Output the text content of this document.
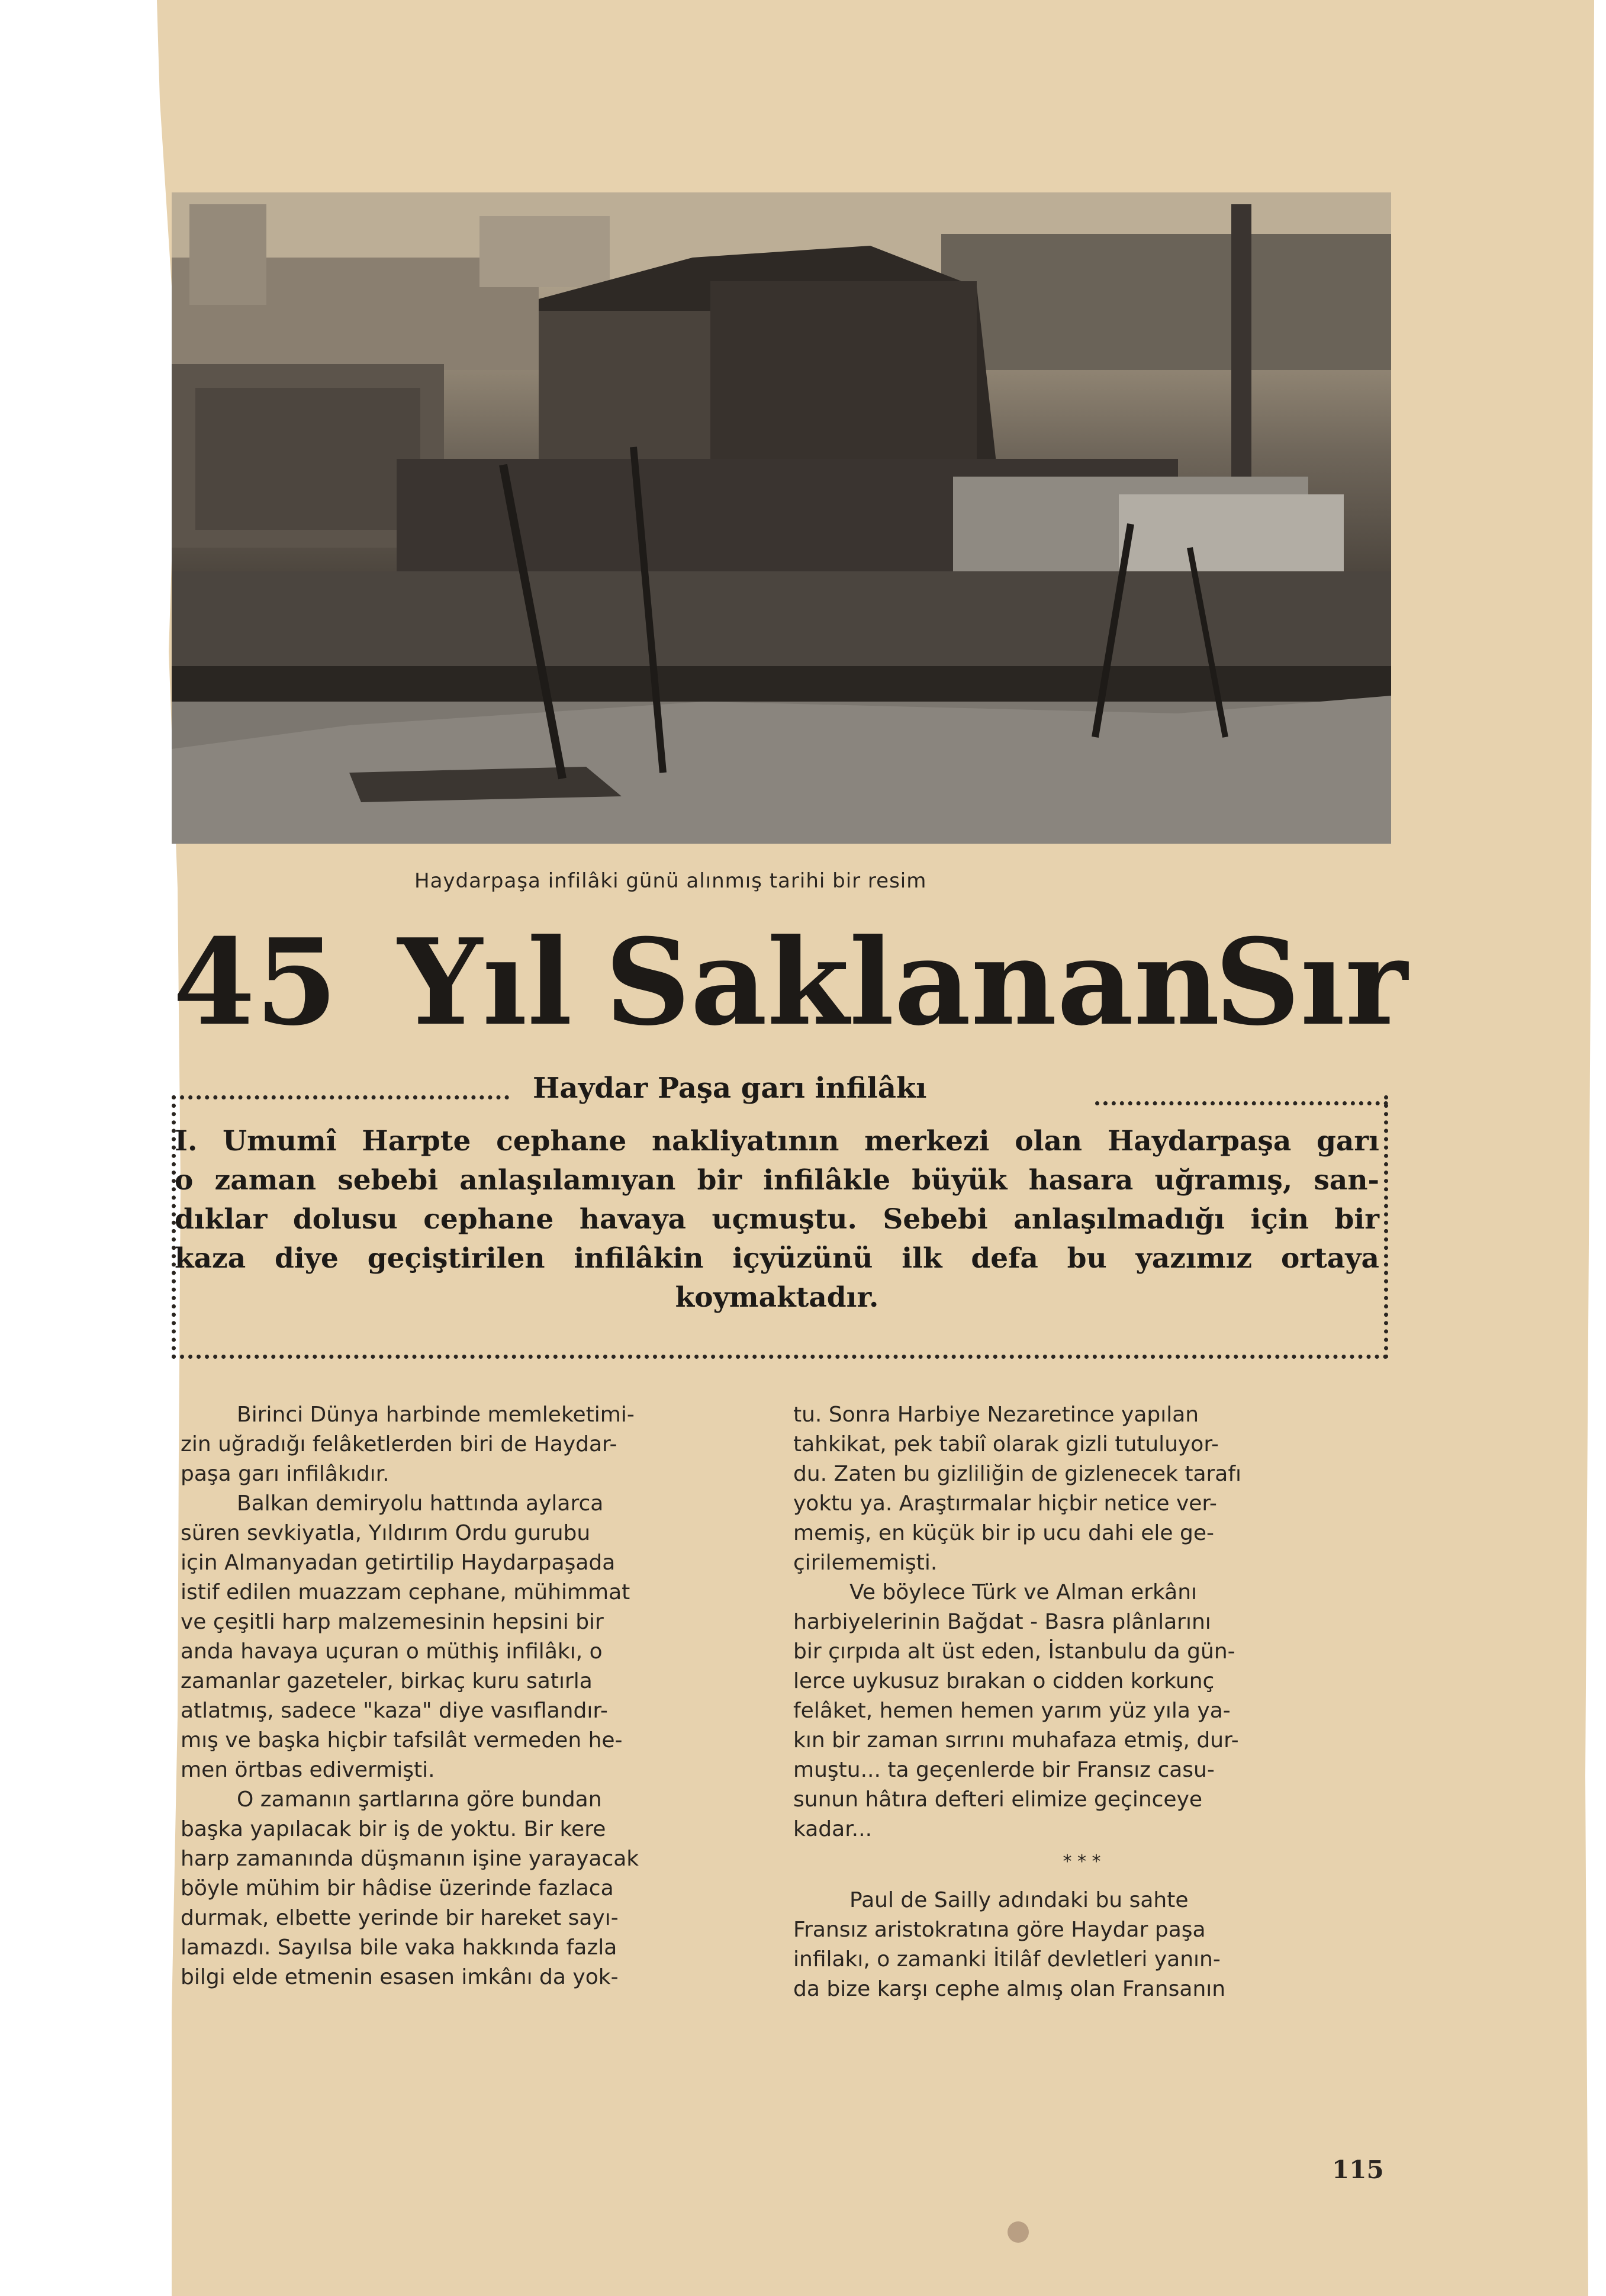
Haydarpaşa infilâki günü alınmış tarihi bir resim
45 Yıl Saklanan
Sır
Haydar Paşa garı infilâkı
I. Umumî Harpte cephane nakliyatının merkezi olan Haydarpaşa garı
o zaman sebebi anlaşılamıyan bir infilâkle büyük hasara uğramış, san-
dıklar dolusu cephane havaya uçmuştu. Sebebi anlaşılmadığı için bir
kaza diye geçiştirilen infilâkin içyüzünü ilk defa bu yazımız ortaya
koymaktadır.
Birinci Dünya harbinde memleketimi-
zin uğradığı felâketlerden biri de Haydar-
paşa garı infilâkıdır.
Balkan demiryolu hattında aylarca
süren sevkiyatla, Yıldırım Ordu gurubu
için Almanyadan getirtilip Haydarpaşada
istif edilen muazzam cephane, mühimmat
ve çeşitli harp malzemesinin hepsini bir
anda havaya uçuran o müthiş infilâkı, o
zamanlar gazeteler, birkaç kuru satırla
atlatmış, sadece "kaza" diye vasıflandır-
mış ve başka hiçbir tafsilât vermeden he-
men örtbas edivermişti.
O zamanın şartlarına göre bundan
başka yapılacak bir iş de yoktu. Bir kere
harp zamanında düşmanın işine yarayacak
böyle mühim bir hâdise üzerinde fazlaca
durmak, elbette yerinde bir hareket sayı-
lamazdı. Sayılsa bile vaka hakkında fazla
bilgi elde etmenin esasen imkânı da yok-
tu. Sonra Harbiye Nezaretince yapılan
tahkikat, pek tabiî olarak gizli tutuluyor-
du. Zaten bu gizliliğin de gizlenecek tarafı
yoktu ya. Araştırmalar hiçbir netice ver-
memiş, en küçük bir ip ucu dahi ele ge-
çirilememişti.
Ve böylece Türk ve Alman erkânı
harbiyelerinin Bağdat - Basra plânlarını
bir çırpıda alt üst eden, İstanbulu da gün-
lerce uykusuz bırakan o cidden korkunç
felâket, hemen hemen yarım yüz yıla ya-
kın bir zaman sırrını muhafaza etmiş, dur-
muştu... ta geçenlerde bir Fransız casu-
sunun hâtıra defteri elimize geçinceye
kadar...
* * *
Paul de Sailly adındaki bu sahte
Fransız aristokratına göre Haydar paşa
infilakı, o zamanki İtilâf devletleri yanın-
da bize karşı cephe almış olan Fransanın
115
